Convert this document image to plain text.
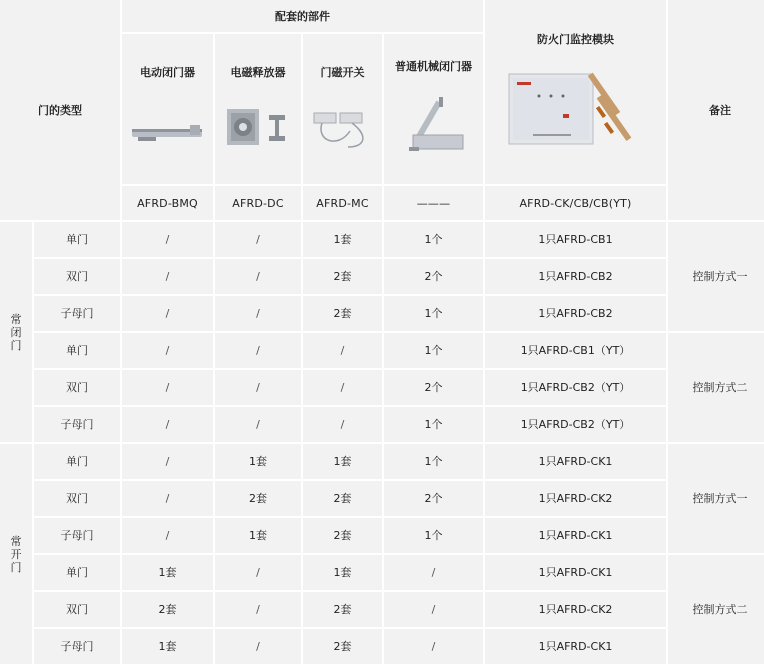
门的类型		配套的部件				防火门监控模块	备注	

		电动闭门器	电磁释放器	门磁开关	普通机械闭门器			

		AFRD-BMQ	AFRD-DC	AFRD-MC	———	AFRD-CK/CB/CB(YT)	

常
闭
门	单门	/	/	1套	1个	1只AFRD-CB1	控制方式一	
	双门	/	/	2套	2个	1只AFRD-CB2		
	子母门	/	/	2套	1个	1只AFRD-CB2		
	单门	/	/	/	1个	1只AFRD-CB1（YT）	控制方式二	
	双门	/	/	/	2个	1只AFRD-CB2（YT）		
	子母门	/	/	/	1个	1只AFRD-CB2（YT）		

常
开
门	单门	/	1套	1套	1个	1只AFRD-CK1	控制方式一	
	双门	/	2套	2套	2个	1只AFRD-CK2		
	子母门	/	1套	2套	1个	1只AFRD-CK1		
	单门	1套	/	1套	/	1只AFRD-CK1	控制方式二	
	双门	2套	/	2套	/	1只AFRD-CK2		
	子母门	1套	/	2套	/	1只AFRD-CK1		
